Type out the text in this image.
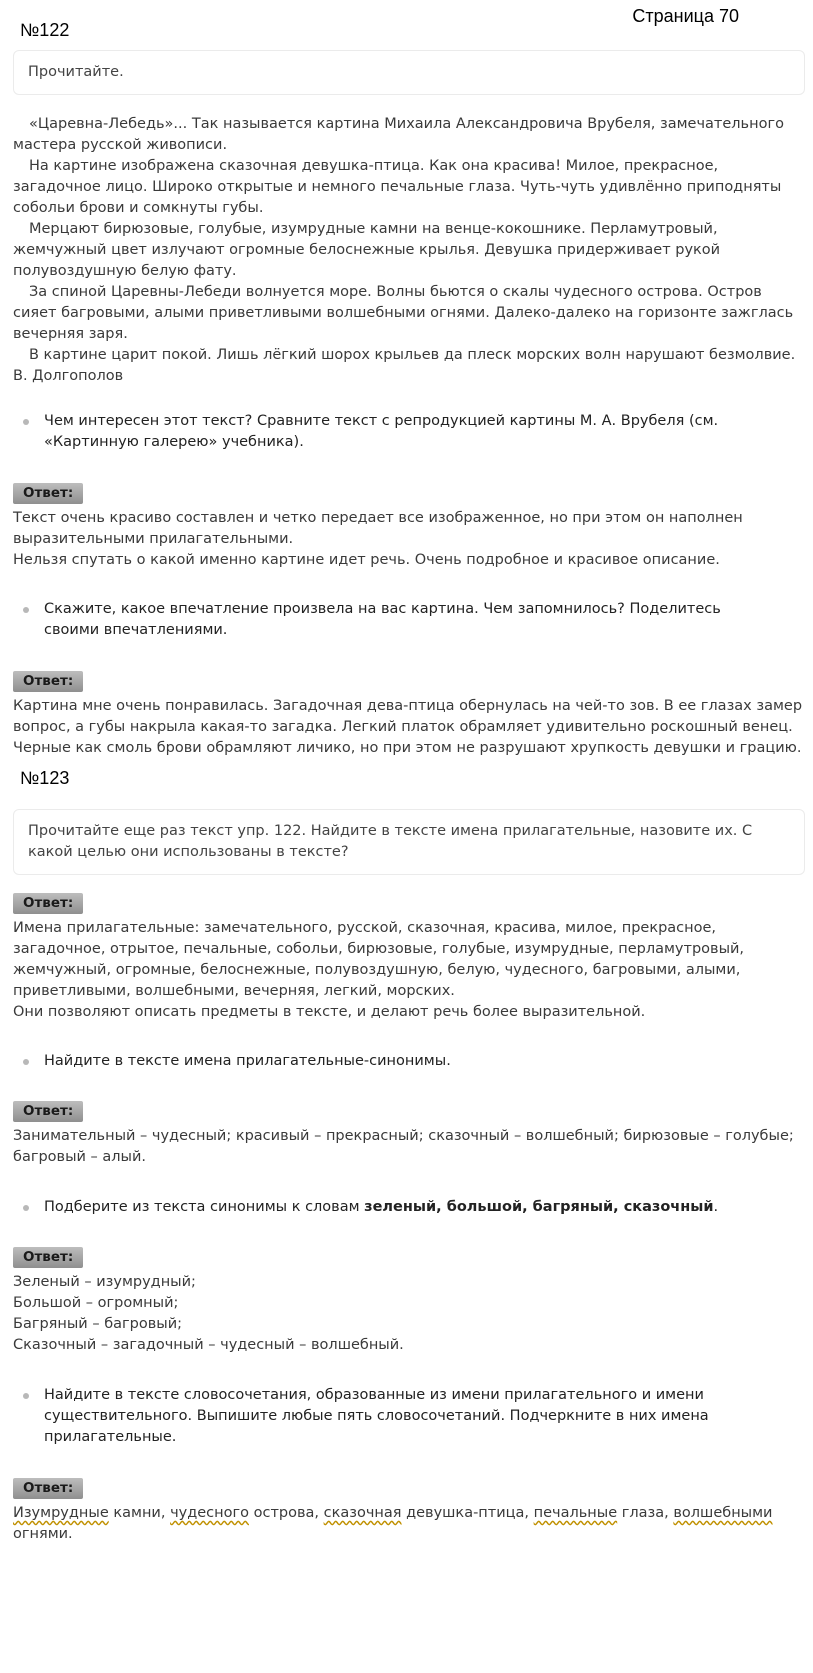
Страница 70
№122
Прочитайте.

«Царевна-Лебедь»... Так называется картина Михаила Александровича Врубеля, замечательного мастера русской живописи.

На картине изображена сказочная девушка-птица. Как она красива! Милое, прекрасное, загадочное лицо. Широко открытые и немного печальные глаза. Чуть-чуть удивлённо приподняты собольи брови и сомкнуты губы.

Мерцают бирюзовые, голубые, изумрудные камни на венце-кокошнике. Перламутровый, жемчужный цвет излучают огромные белоснежные крылья. Девушка придерживает рукой полувоздушную белую фату.

За спиной Царевны-Лебеди волнуется море. Волны бьются о скалы чудесного острова. Остров сияет багровыми, алыми приветливыми волшебными огнями. Далеко-далеко на горизонте зажглась вечерняя заря.

В картине царит покой. Лишь лёгкий шорох крыльев да плеск морских волн нарушают безмолвие.

В. Долгополов

Чем интересен этот текст? Сравните текст с репродукцией картины М. А. Врубеля (см. «Картинную галерею» учебника).
Ответ:

Текст очень красиво составлен и четко передает все изображенное, но при этом он наполнен выразительными прилагательными.

Нельзя спутать о какой именно картине идет речь. Очень подробное и красивое описание.

Скажите, какое впечатление произвела на вас картина. Чем запомнилось? Поделитесь своими впечатлениями.
Ответ:

Картина мне очень понравилась. Загадочная дева-птица обернулась на чей-то зов. В ее глазах замер вопрос, а губы накрыла какая-то загадка. Легкий платок обрамляет удивительно роскошный венец. Черные как смоль брови обрамляют личико, но при этом не разрушают хрупкость девушки и грацию.

№123
Прочитайте еще раз текст упр. 122. Найдите в тексте имена прилагательные, назовите их. С какой целью они использованы в тексте?
Ответ:

Имена прилагательные: замечательного, русской, сказочная, красива, милое, прекрасное, загадочное, отрытое, печальные, собольи, бирюзовые, голубые, изумрудные, перламутровый, жемчужный, огромные, белоснежные, полувоздушную, белую, чудесного, багровыми, алыми, приветливыми, волшебными, вечерняя, легкий, морских.

Они позволяют описать предметы в тексте, и делают речь более выразительной.

Найдите в тексте имена прилагательные-синонимы.
Ответ:

Занимательный – чудесный; красивый – прекрасный; сказочный – волшебный; бирюзовые – голубые; багровый – алый.

Подберите из текста синонимы к словам зеленый, большой, багряный, сказочный.
Ответ:

Зеленый – изумрудный;

Большой – огромный;

Багряный – багровый;

Сказочный – загадочный – чудесный – волшебный.

Найдите в тексте словосочетания, образованные из имени прилагательного и имени существительного. Выпишите любые пять словосочетаний. Подчеркните в них имена прилагательные.
Ответ:

Изумрудные камни, чудесного острова, сказочная девушка-птица, печальные глаза, волшебными огнями.
